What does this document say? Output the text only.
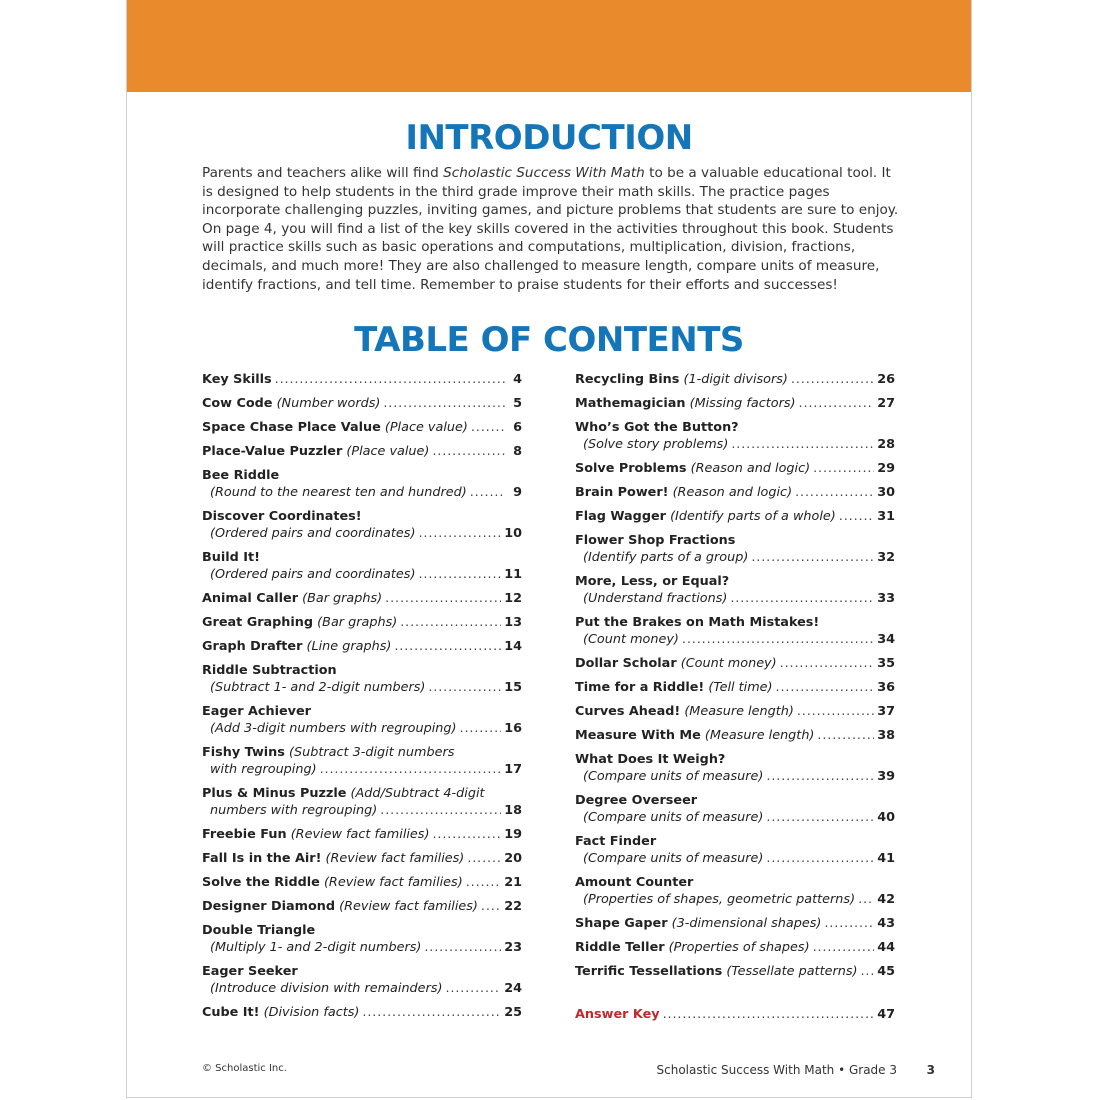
INTRODUCTION
Parents and teachers alike will find Scholastic Success With Math to be a valuable educational tool. It is designed to help students in the third grade improve their math skills. The practice pages incorporate challenging puzzles, inviting games, and picture problems that students are sure to enjoy. On page 4, you will find a list of the key skills covered in the activities throughout this book. Students will practice skills such as basic operations and computations, multiplication, division, fractions, decimals, and much more! They are also challenged to measure length, compare units of measure, identify fractions, and tell time. Remember to praise students for their efforts and successes!
TABLE OF CONTENTS
Key Skills . . .	4
Cow Code (Number words) . . .	5
Space Chase Place Value (Place value) . . .	6
Place-Value Puzzler (Place value) . . .	8
Bee Riddle
(Round to the nearest ten and hundred) . . .	9
Discover Coordinates!
(Ordered pairs and coordinates) . . .	10
Build It!
(Ordered pairs and coordinates) . . .	11
Animal Caller (Bar graphs) . . .	12
Great Graphing (Bar graphs) . . .	13
Graph Drafter (Line graphs) . . .	14
Riddle Subtraction
(Subtract 1- and 2-digit numbers) . . .	15
Eager Achiever
(Add 3-digit numbers with regrouping) . . .	16
Fishy Twins (Subtract 3-digit numbers
with regrouping) . . .	17
Plus & Minus Puzzle (Add/Subtract 4-digit
numbers with regrouping) . . .	18
Freebie Fun (Review fact families) . . .	19
Fall Is in the Air! (Review fact families) . . .	20
Solve the Riddle (Review fact families) . . .	21
Designer Diamond (Review fact families) . . . 22
Double Triangle
(Multiply 1- and 2-digit numbers) . . .	23
Eager Seeker
(Introduce division with remainders) . . .	24
Cube It! (Division facts) . . .	25
Recycling Bins (1-digit divisors) . . .	26
Mathemagician (Missing factors) . . .	27
Who’s Got the Button?
(Solve story problems) . . .	28
Solve Problems (Reason and logic) . . .	29
Brain Power! (Reason and logic) . . .	30
Flag Wagger (Identify parts of a whole) . . .	31
Flower Shop Fractions
(Identify parts of a group) . . .	32
More, Less, or Equal?
(Understand fractions) . . .	33
Put the Brakes on Math Mistakes!
(Count money) . . .	34
Dollar Scholar (Count money) . . .	35
Time for a Riddle! (Tell time) . . .	36
Curves Ahead! (Measure length) . . .	37
Measure With Me (Measure length) . . .	38
What Does It Weigh?
(Compare units of measure) . . .	39
Degree Overseer
(Compare units of measure) . . .	40
Fact Finder
(Compare units of measure) . . .	41
Amount Counter
(Properties of shapes, geometric patterns) . . . 42
Shape Gaper (3-dimensional shapes) . . .	43
Riddle Teller (Properties of shapes) . . .	44
Terrific Tessellations (Tessellate patterns) . . . 45
Answer Key . . .	47
© Scholastic Inc.	Scholastic Success With Math • Grade 3 3
